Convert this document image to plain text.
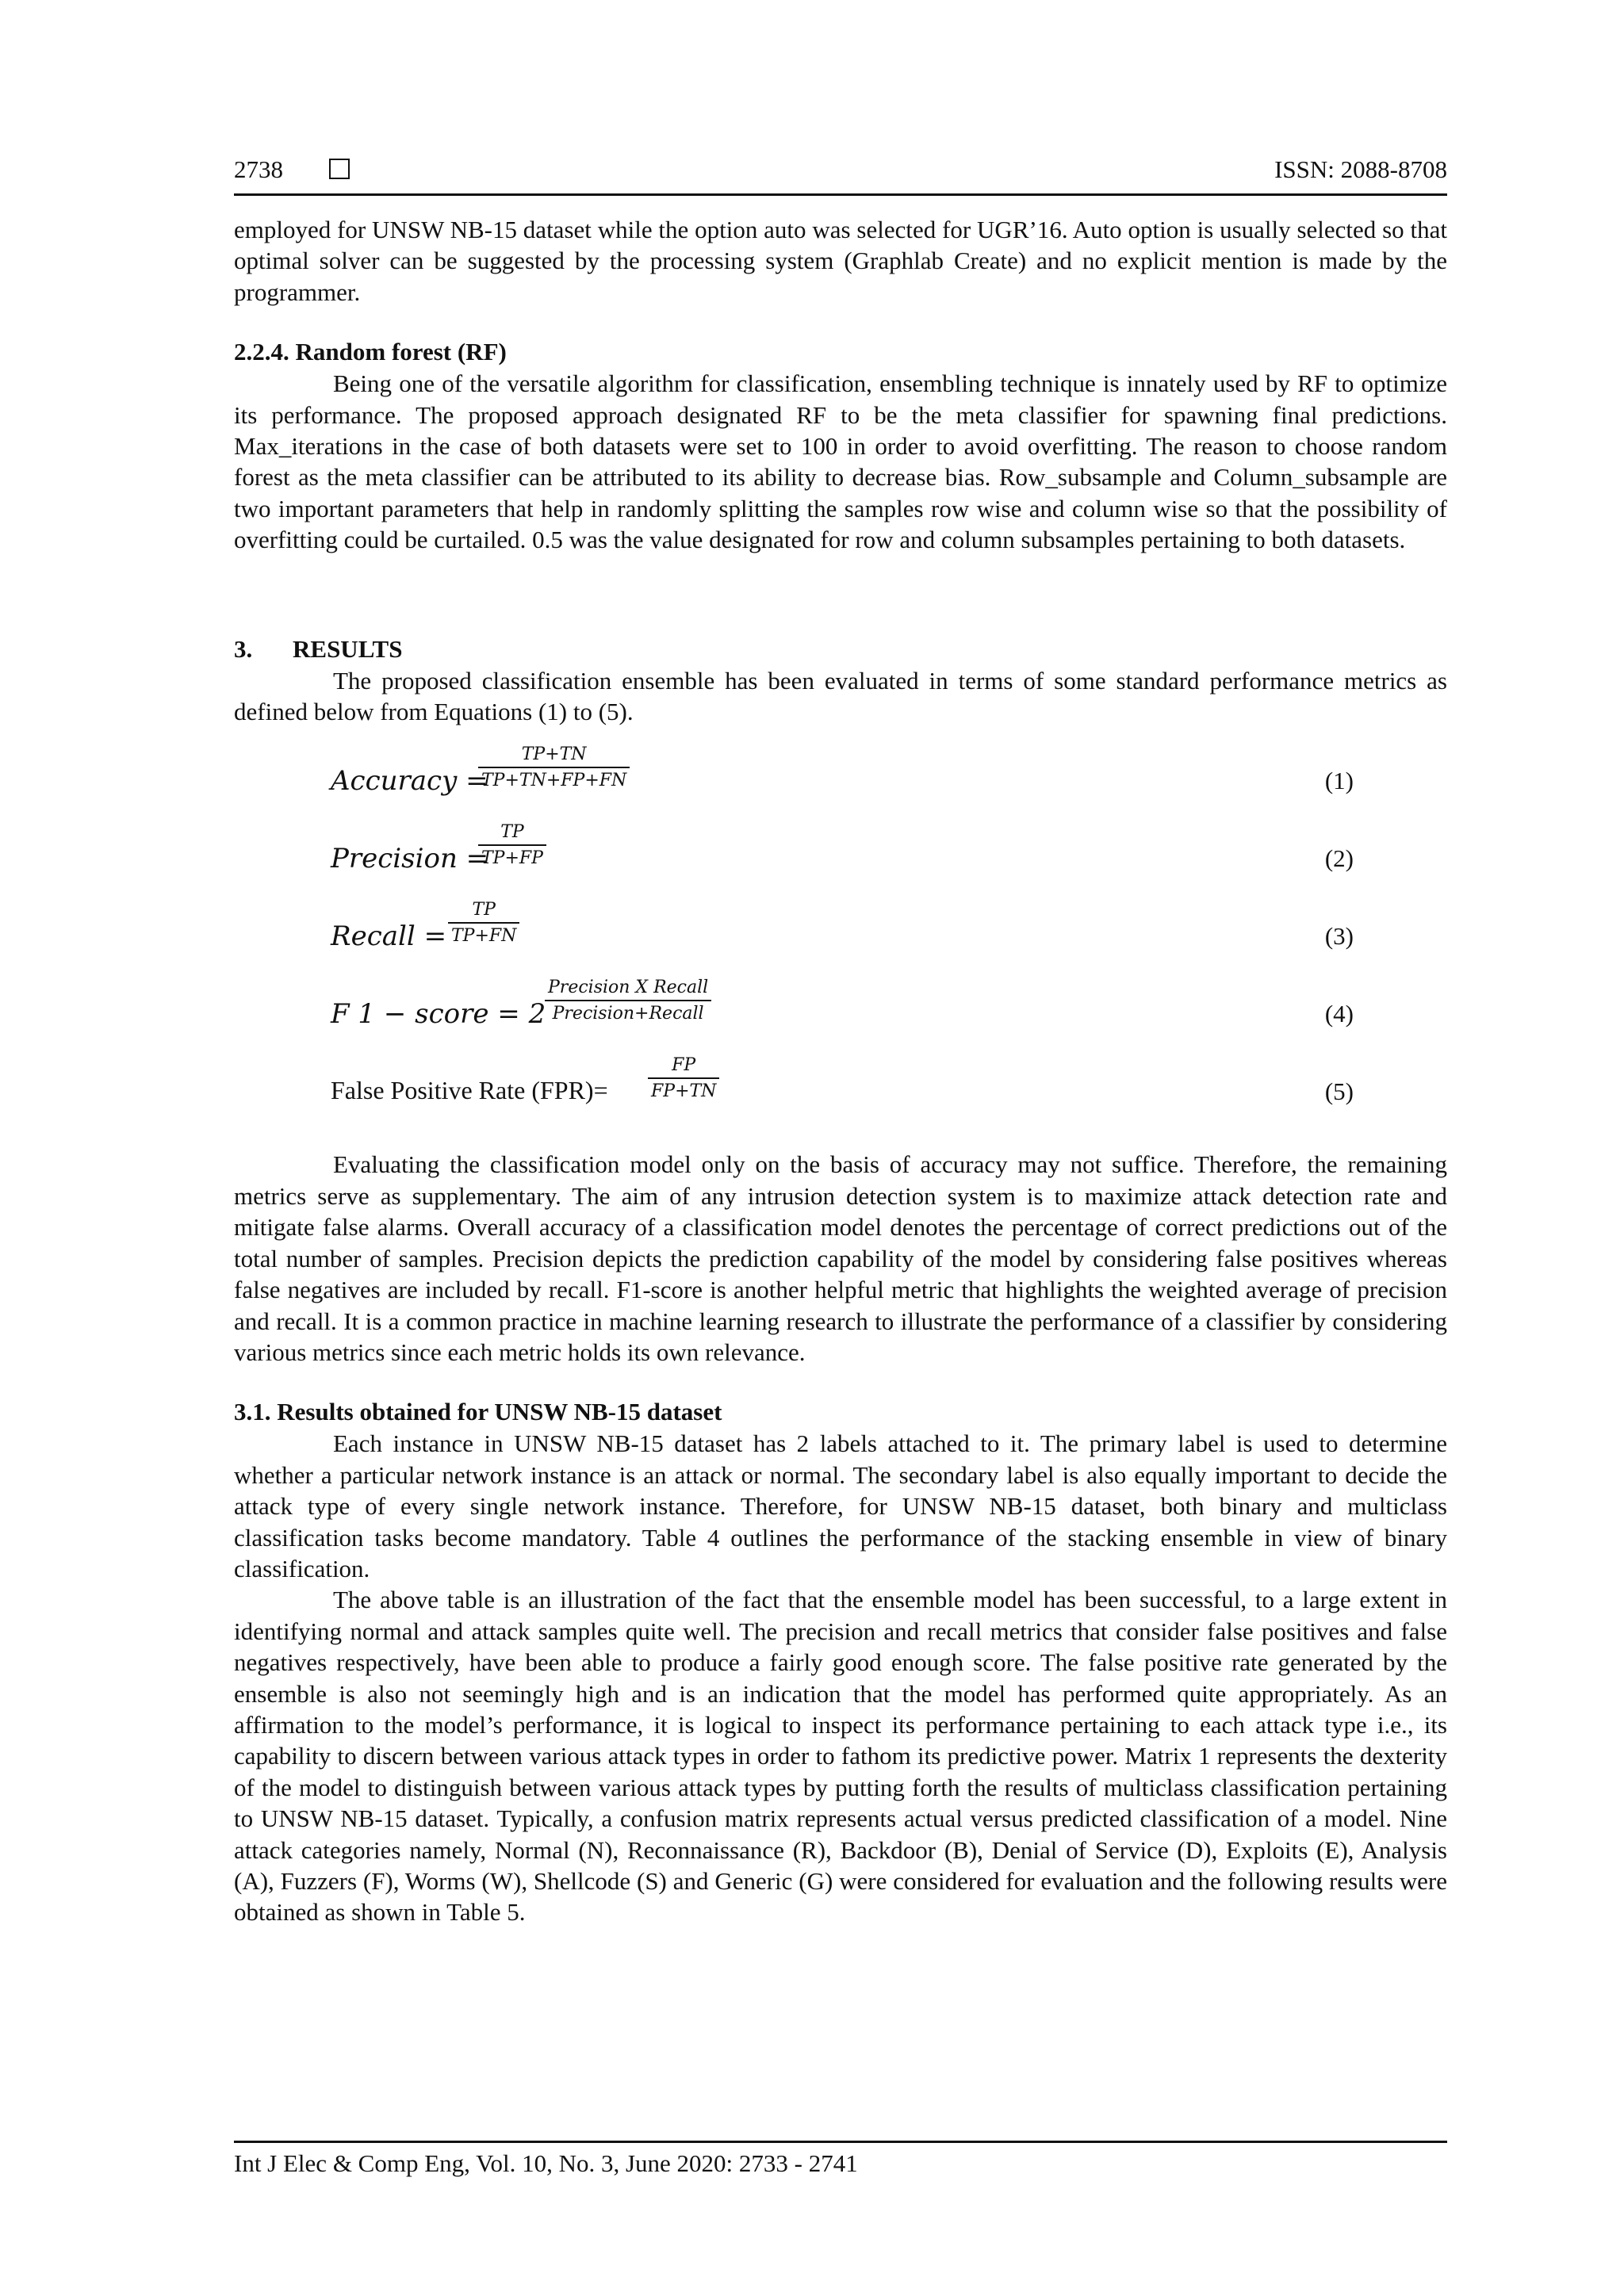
2738	ISSN: 2088-8708

employed for UNSW NB-15 dataset while the option auto was selected for UGR’16. Auto option is usually selected so that optimal solver can be suggested by the processing system (Graphlab Create) and no explicit mention is made by the programmer.

2.2.4. Random forest (RF)

Being one of the versatile algorithm for classification, ensembling technique is innately used by RF to optimize its performance. The proposed approach designated RF to be the meta classifier for spawning final predictions. Max_iterations in the case of both datasets were set to 100 in order to avoid overfitting. The reason to choose random forest as the meta classifier can be attributed to its ability to decrease bias. Row_subsample and Column_subsample are two important parameters that help in randomly splitting the samples row wise and column wise so that the possibility of overfitting could be curtailed. 0.5 was the value designated for row and column subsamples pertaining to both datasets.

3. RESULTS

The proposed classification ensemble has been evaluated in terms of some standard performance metrics as defined below from Equations (1) to (5).

Accuracy =
$\frac{TP+TN}{TP+TN+FP+FN}$	(1)
Precision =
$\frac{TP}{TP+FP}$	(2)
Recall = $\frac{TP}{TP+FN}$	(3)
F 1 − score = 2
Precision X Recall
Precision+Recall	(4)
False Positive Rate $(FPR)= \frac{FP}{FP+TN}$	(5)

Evaluating the classification model only on the basis of accuracy may not suffice. Therefore, the remaining metrics serve as supplementary. The aim of any intrusion detection system is to maximize attack detection rate and mitigate false alarms. Overall accuracy of a classification model denotes the percentage of correct predictions out of the total number of samples. Precision depicts the prediction capability of the model by considering false positives whereas false negatives are included by recall. F1-score is another helpful metric that highlights the weighted average of precision and recall. It is a common practice in machine learning research to illustrate the performance of a classifier by considering various metrics since each metric holds its own relevance.

3.1. Results obtained for UNSW NB-15 dataset

Each instance in UNSW NB-15 dataset has 2 labels attached to it. The primary label is used to determine whether a particular network instance is an attack or normal. The secondary label is also equally important to decide the attack type of every single network instance. Therefore, for UNSW NB-15 dataset, both binary and multiclass classification tasks become mandatory. Table 4 outlines the performance of the stacking ensemble in view of binary classification.

The above table is an illustration of the fact that the ensemble model has been successful, to a large extent in identifying normal and attack samples quite well. The precision and recall metrics that consider false positives and false negatives respectively, have been able to produce a fairly good enough score. The false positive rate generated by the ensemble is also not seemingly high and is an indication that the model has performed quite appropriately. As an affirmation to the model’s performance, it is logical to inspect its performance pertaining to each attack type i.e., its capability to discern between various attack types in order to fathom its predictive power. Matrix 1 represents the dexterity of the model to distinguish between various attack types by putting forth the results of multiclass classification pertaining to UNSW NB-15 dataset. Typically, a confusion matrix represents actual versus predicted classification of a model. Nine attack categories namely, Normal (N), Reconnaissance (R), Backdoor (B), Denial of Service (D), Exploits (E), Analysis (A), Fuzzers (F), Worms (W), Shellcode (S) and Generic (G) were considered for evaluation and the following results were obtained as shown in Table 5.

Int J Elec & Comp Eng, Vol. 10, No. 3, June 2020: 2733 - 2741
